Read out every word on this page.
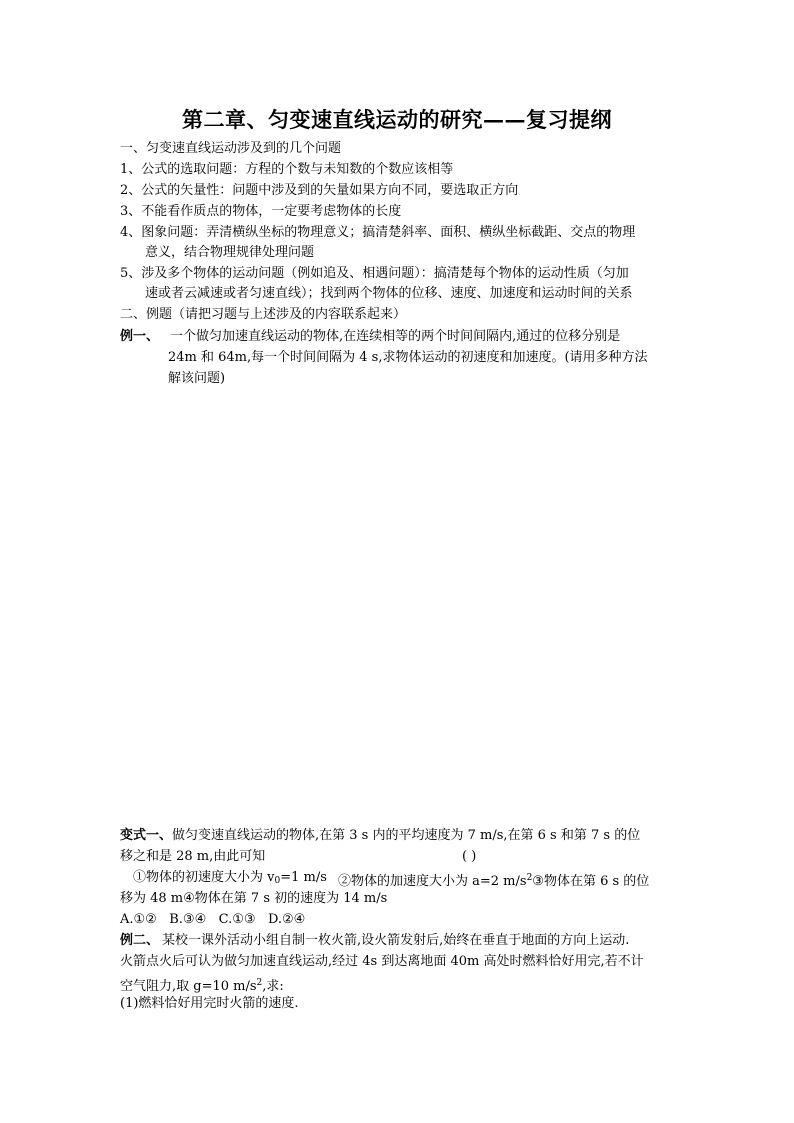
第二章、匀变速直线运动的研究——复习提纲
一、匀变速直线运动涉及到的几个问题
1、公式的选取问题：方程的个数与未知数的个数应该相等
2、公式的矢量性：问题中涉及到的矢量如果方向不同，要选取正方向
3、不能看作质点的物体，一定要考虑物体的长度
4、图象问题：弄清横纵坐标的物理意义；搞清楚斜率、面积、横纵坐标截距、交点的物理
意义，结合物理规律处理问题
5、涉及多个物体的运动问题（例如追及、相遇问题）：搞清楚每个物体的运动性质（匀加
速或者云减速或者匀速直线）；找到两个物体的位移、速度、加速度和运动时间的关系
二、例题（请把习题与上述涉及的内容联系起来）
例一、 一个做匀加速直线运动的物体,在连续相等的两个时间间隔内,通过的位移分别是
24m 和 64m,每一个时间间隔为 4 s,求物体运动的初速度和加速度。(请用多种方法
解该问题)
变式一、 做匀变速直线运动的物体,在第 3 s 内的平均速度为 7 m/s,在第 6 s 和第 7 s 的位
移之和是 28 m,由此可知	( )
①物体的初速度大小为 $v_0=1$ m/s ②物体的加速度大小为 a=2 $m/s^2③$物体在第 6 s 的位
移为 48 m④物体在第 7 s 初的速度为 14 m/s
A.①②   B.③④   C.①③   D.②④
例二、 某校一课外活动小组自制一枚火箭,设火箭发射后,始终在垂直于地面的方向上运动.
火箭点火后可认为做匀加速直线运动,经过 4s 到达离地面 40m 高处时燃料恰好用完,若不计
空气阻力,取 g=10 $m/s^2$,求:
(1)燃料恰好用完时火箭的速度.
